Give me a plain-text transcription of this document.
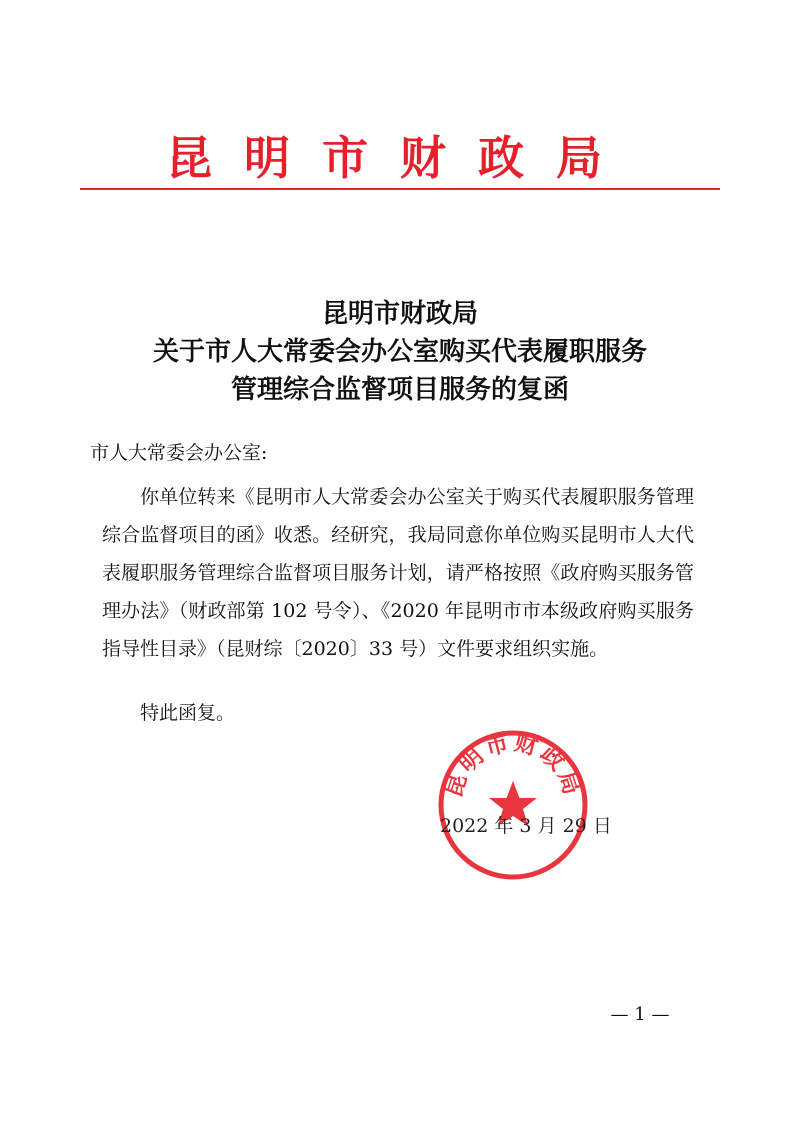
昆明市财政局
昆明市财政局
关于市人大常委会办公室购买代表履职服务
管理综合监督项目服务的复函
市人大常委会办公室:
你单位转来《昆明市人大常委会办公室关于购买代表履职服务管理综合监督项目的函》收悉。经研究，我局同意你单位购买昆明市人大代表履职服务管理综合监督项目服务计划，请严格按照《政府购买服务管理办法》（财政部第 102 号令）、《2020 年昆明市市本级政府购买服务指导性目录》（昆财综〔2020〕33 号）文件要求组织实施。
特此函复。
昆明市财政局
2022 年 3 月 29 日
— 1 —
